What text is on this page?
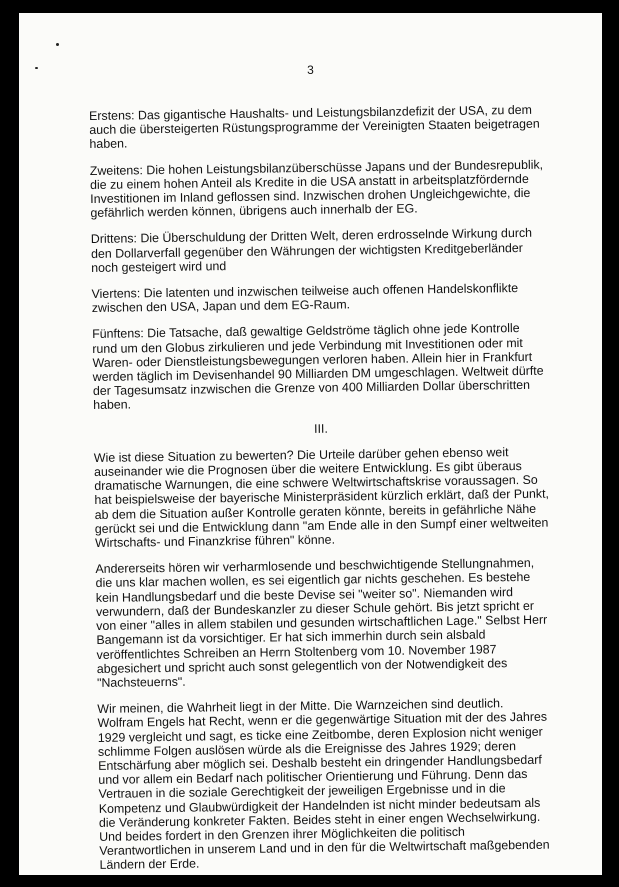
3

Erstens: Das gigantische Haushalts- und Leistungsbilanzdefizit der USA, zu dem auch die übersteigerten Rüstungsprogramme der Vereinigten Staaten beigetragen haben.

Zweitens: Die hohen Leistungsbilanzüberschüsse Japans und der Bundesrepublik, die zu einem hohen Anteil als Kredite in die USA anstatt in arbeitsplatzfördernde Investitionen im Inland geflossen sind. Inzwischen drohen Ungleichgewichte, die gefährlich werden können, übrigens auch innerhalb der EG.

Drittens: Die Überschuldung der Dritten Welt, deren erdrosselnde Wirkung durch den Dollarverfall gegenüber den Währungen der wichtigsten Kreditgeberländer noch gesteigert wird und

Viertens: Die latenten und inzwischen teilweise auch offenen Handelskonflikte zwischen den USA, Japan und dem EG-Raum.

Fünftens: Die Tatsache, daß gewaltige Geldströme täglich ohne jede Kontrolle rund um den Globus zirkulieren und jede Verbindung mit Investitionen oder mit Waren- oder Dienstleistungsbewegungen verloren haben. Allein hier in Frankfurt werden täglich im Devisenhandel 90 Milliarden DM umgeschlagen. Weltweit dürfte der Tagesumsatz inzwischen die Grenze von 400 Milliarden Dollar überschritten haben.

III.

Wie ist diese Situation zu bewerten? Die Urteile darüber gehen ebenso weit auseinander wie die Prognosen über die weitere Entwicklung. Es gibt überaus dramatische Warnungen, die eine schwere Weltwirtschaftskrise voraussagen. So hat beispielsweise der bayerische Ministerpräsident kürzlich erklärt, daß der Punkt, ab dem die Situation außer Kontrolle geraten könnte, bereits in gefährliche Nähe gerückt sei und die Entwicklung dann "am Ende alle in den Sumpf einer weltweiten Wirtschafts- und Finanzkrise führen" könne.

Andererseits hören wir verharmlosende und beschwichtigende Stellungnahmen, die uns klar machen wollen, es sei eigentlich gar nichts geschehen. Es bestehe kein Handlungsbedarf und die beste Devise sei "weiter so". Niemanden wird verwundern, daß der Bundeskanzler zu dieser Schule gehört. Bis jetzt spricht er von einer "alles in allem stabilen und gesunden wirtschaftlichen Lage." Selbst Herr Bangemann ist da vorsichtiger. Er hat sich immerhin durch sein alsbald veröffentlichtes Schreiben an Herrn Stoltenberg vom 10. November 1987 abgesichert und spricht auch sonst gelegentlich von der Notwendigkeit des "Nachsteuerns".

Wir meinen, die Wahrheit liegt in der Mitte. Die Warnzeichen sind deutlich. Wolfram Engels hat Recht, wenn er die gegenwärtige Situation mit der des Jahres 1929 vergleicht und sagt, es ticke eine Zeitbombe, deren Explosion nicht weniger schlimme Folgen auslösen würde als die Ereignisse des Jahres 1929; deren Entschärfung aber möglich sei. Deshalb besteht ein dringender Handlungsbedarf und vor allem ein Bedarf nach politischer Orientierung und Führung. Denn das Vertrauen in die soziale Gerechtigkeit der jeweiligen Ergebnisse und in die Kompetenz und Glaubwürdigkeit der Handelnden ist nicht minder bedeutsam als die Veränderung konkreter Fakten. Beides steht in einer engen Wechselwirkung. Und beides fordert in den Grenzen ihrer Möglichkeiten die politisch Verantwortlichen in unserem Land und in den für die Weltwirtschaft maßgebenden Ländern der Erde.
